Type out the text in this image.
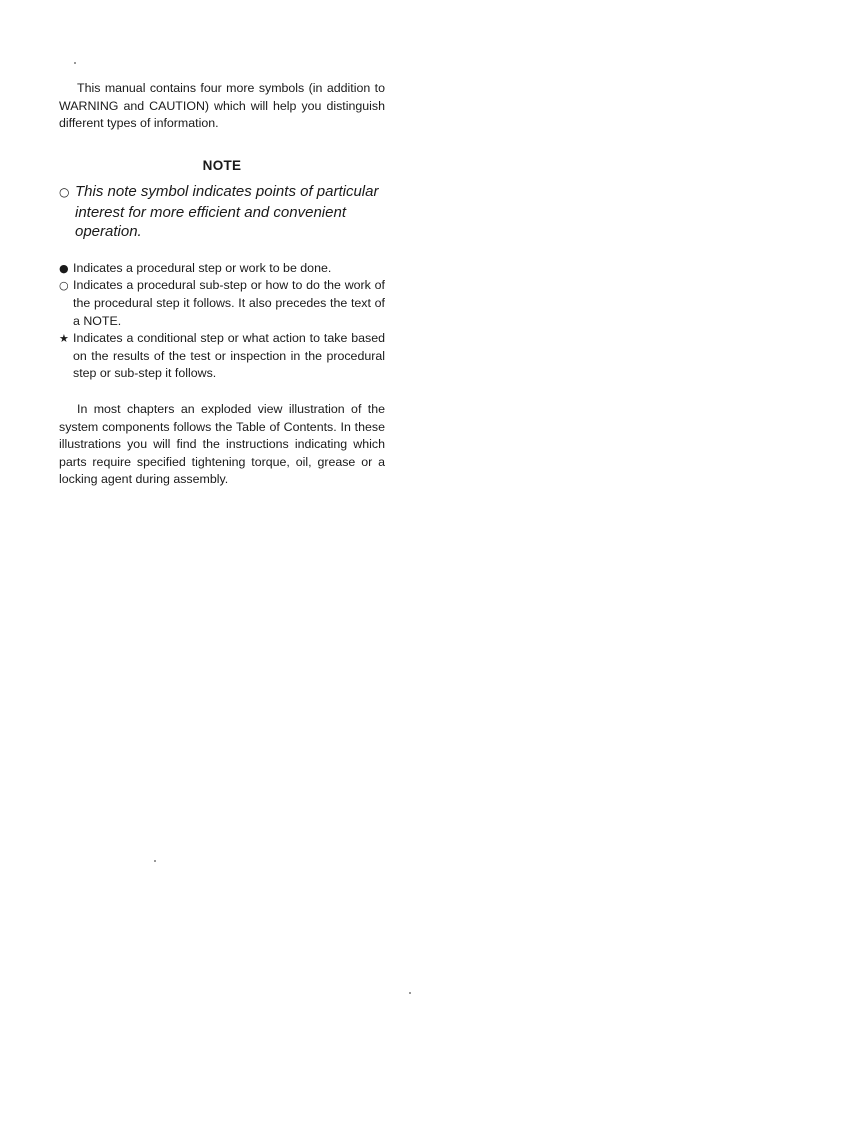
This manual contains four more symbols (in addition to WARNING and CAUTION) which will help you distinguish different types of information.

NOTE

○ This note symbol indicates points of particular interest for more efficient and convenient operation.

● Indicates a procedural step or work to be done.
○ Indicates a procedural sub-step or how to do the work of the procedural step it follows. It also precedes the text of a NOTE.
★ Indicates a conditional step or what action to take based on the results of the test or inspection in the procedural step or sub-step it follows.

In most chapters an exploded view illustration of the system components follows the Table of Contents. In these illustrations you will find the instructions indicating which parts require specified tightening torque, oil, grease or a locking agent during assembly.
